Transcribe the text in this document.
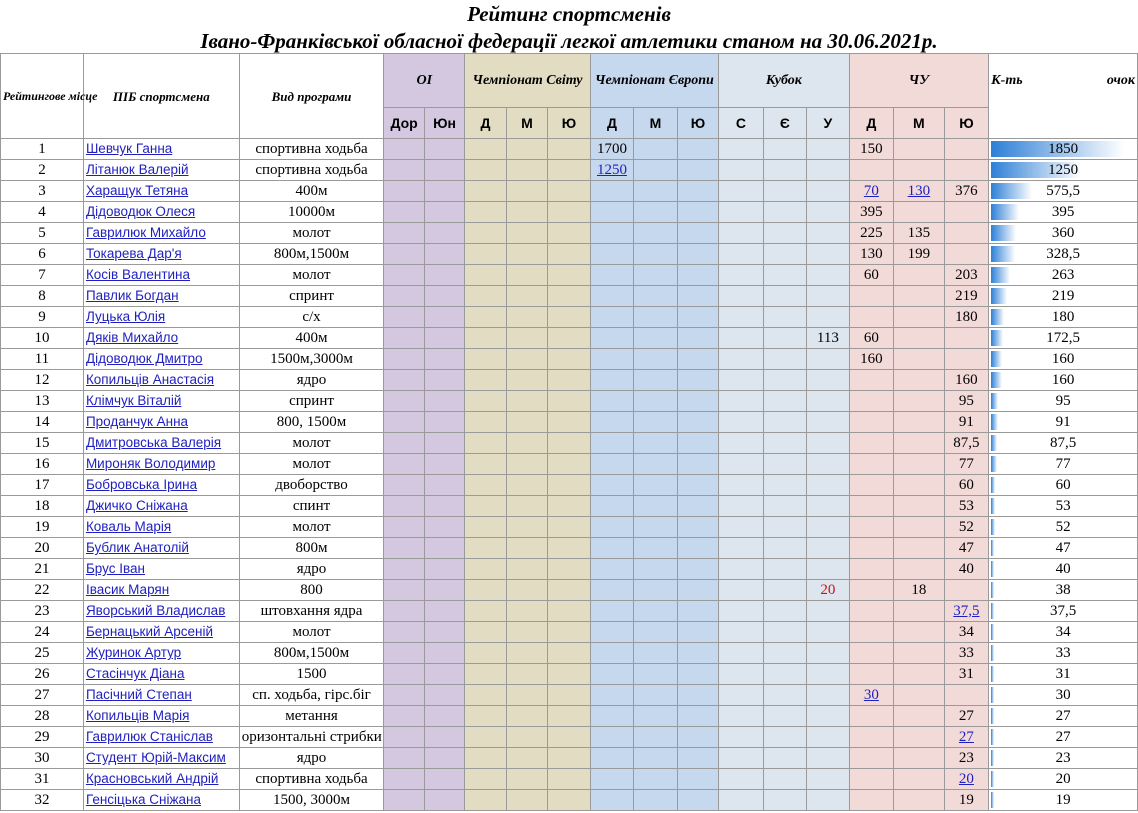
Рейтинг спортсменів
Івано-Франківської обласної федерації легкої атлетики станом на 30.06.2021р.
Рейтингове місце	ПІБ спортсмена	Вид програми	ОІ		Чемпіонат Світу			Чемпіонат Європи			Кубок			ЧУ			К-ть очок

			Дор	Юн	Д	М	Ю	Д	М	Ю	С	Є	У	Д	М	Ю	
1	Шевчук Ганна	спортивна ходьба						1700						150			1850
2	Літанюк Валерій	спортивна ходьба						1250									1250
3	Харащук Тетяна	400м												70	130	376	575,5
4	Дідоводюк Олеся	10000м												395			395
5	Гаврилюк Михайло	молот												225	135		360
6	Токарева Дар'я	800м,1500м												130	199		328,5
7	Косів Валентина	молот												60		203	263
8	Павлик Богдан	спринт														219	219
9	Луцька Юлія	с/х														180	180
10	Дяків Михайло	400м											113	60			172,5
11	Дідоводюк Дмитро	1500м,3000м												160			160
12	Копильців Анастасія	ядро														160	160
13	Клімчук Віталій	спринт														95	95
14	Проданчук Анна	800, 1500м														91	91
15	Дмитровська Валерія	молот														87,5	87,5
16	Мироняк Володимир	молот														77	77
17	Бобровська Ірина	двоборство														60	60
18	Джичко Сніжана	спинт														53	53
19	Коваль Марія	молот														52	52
20	Бублик Анатолій	800м														47	47
21	Брус Іван	ядро														40	40
22	Івасик Марян	800											20		18		38
23	Яворський Владислав	штовхання ядра														37,5	37,5
24	Бернацький Арсеній	молот														34	34
25	Журинок Артур	800м,1500м														33	33
26	Стасінчук Діана	1500														31	31
27	Пасічний Степан	сп. ходьба, гірс.біг												30			30
28	Копильців Марія	метання														27	27
29	Гаврилюк Станіслав	оризонтальні стрибки														27	27
30	Студент Юрій-Максим	ядро														23	23
31	Красновський Андрій	спортивна ходьба														20	20
32	Генсіцька Сніжана	1500, 3000м														19	19
